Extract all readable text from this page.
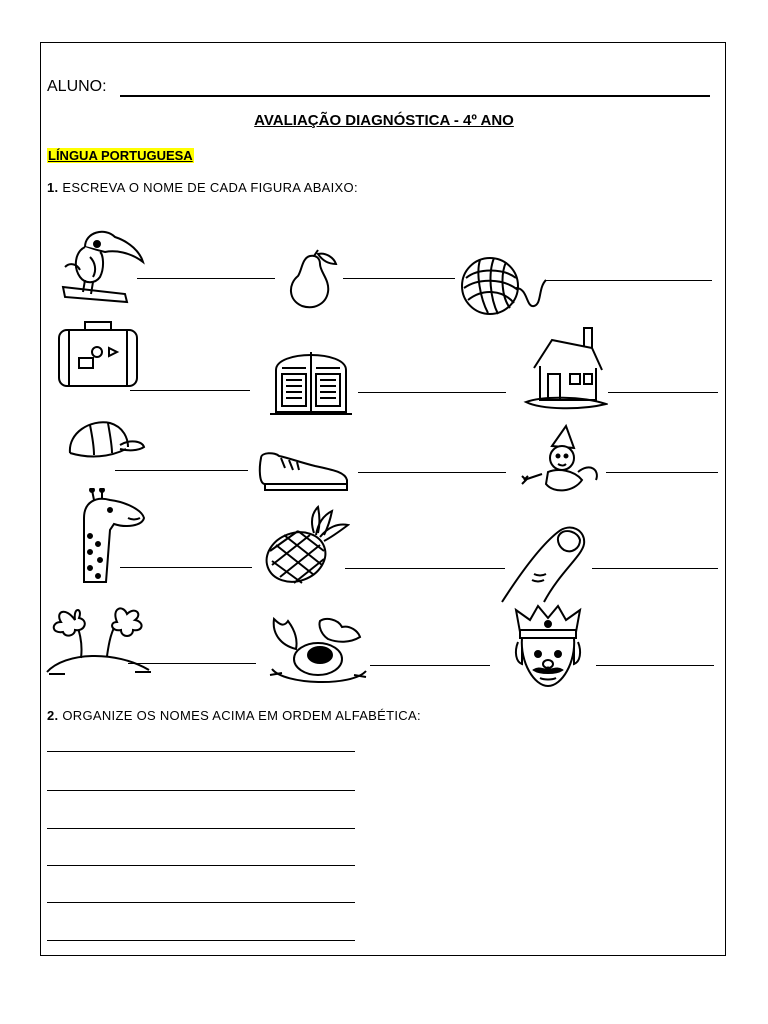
ALUNO:
AVALIAÇÃO DIAGNÓSTICA - 4º ANO
LÍNGUA PORTUGUESA
1. ESCREVA O NOME DE CADA FIGURA ABAIXO:
2. ORGANIZE OS NOMES ACIMA EM ORDEM ALFABÉTICA:
